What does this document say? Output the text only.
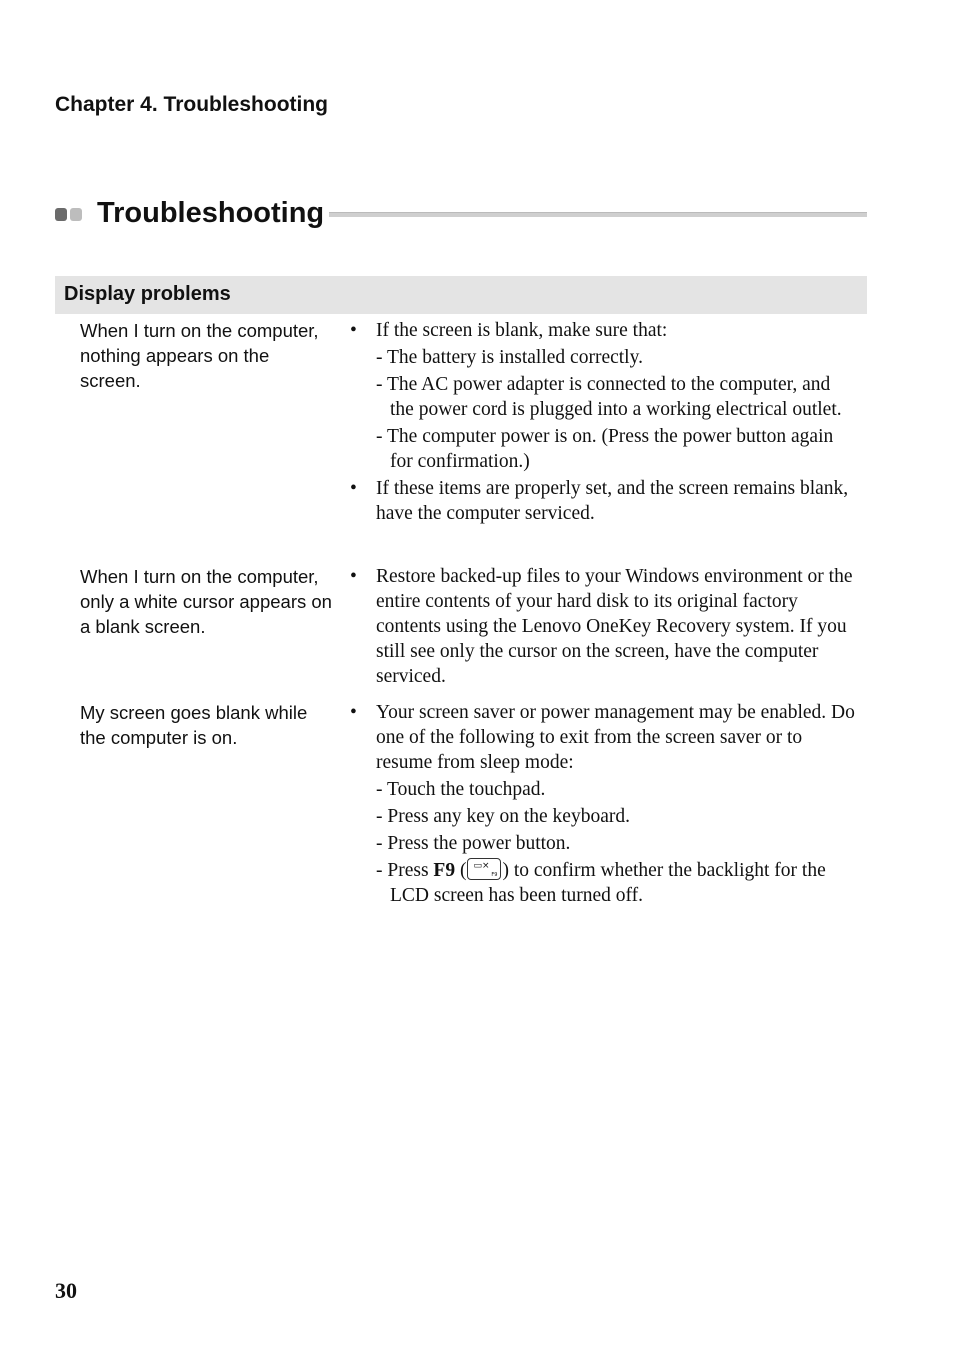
Chapter 4. Troubleshooting
Troubleshooting
Display problems
When I turn on the computer, nothing appears on the screen.
• If the screen is blank, make sure that:
- The battery is installed correctly.
- The AC power adapter is connected to the computer, and the power cord is plugged into a working electrical outlet.
- The computer power is on. (Press the power button again for confirmation.)
• If these items are properly set, and the screen remains blank, have the computer serviced.
When I turn on the computer, only a white cursor appears on a blank screen.
• Restore backed-up files to your Windows environment or the entire contents of your hard disk to its original factory contents using the Lenovo OneKey Recovery system. If you still see only the cursor on the screen, have the computer serviced.
My screen goes blank while the computer is on.
• Your screen saver or power management may be enabled. Do one of the following to exit from the screen saver or to resume from sleep mode:
- Touch the touchpad.
- Press any key on the keyboard.
- Press the power button.
- Press F9 ( ▭×
F9 ) to confirm whether the backlight for the LCD screen has been turned off.
30
